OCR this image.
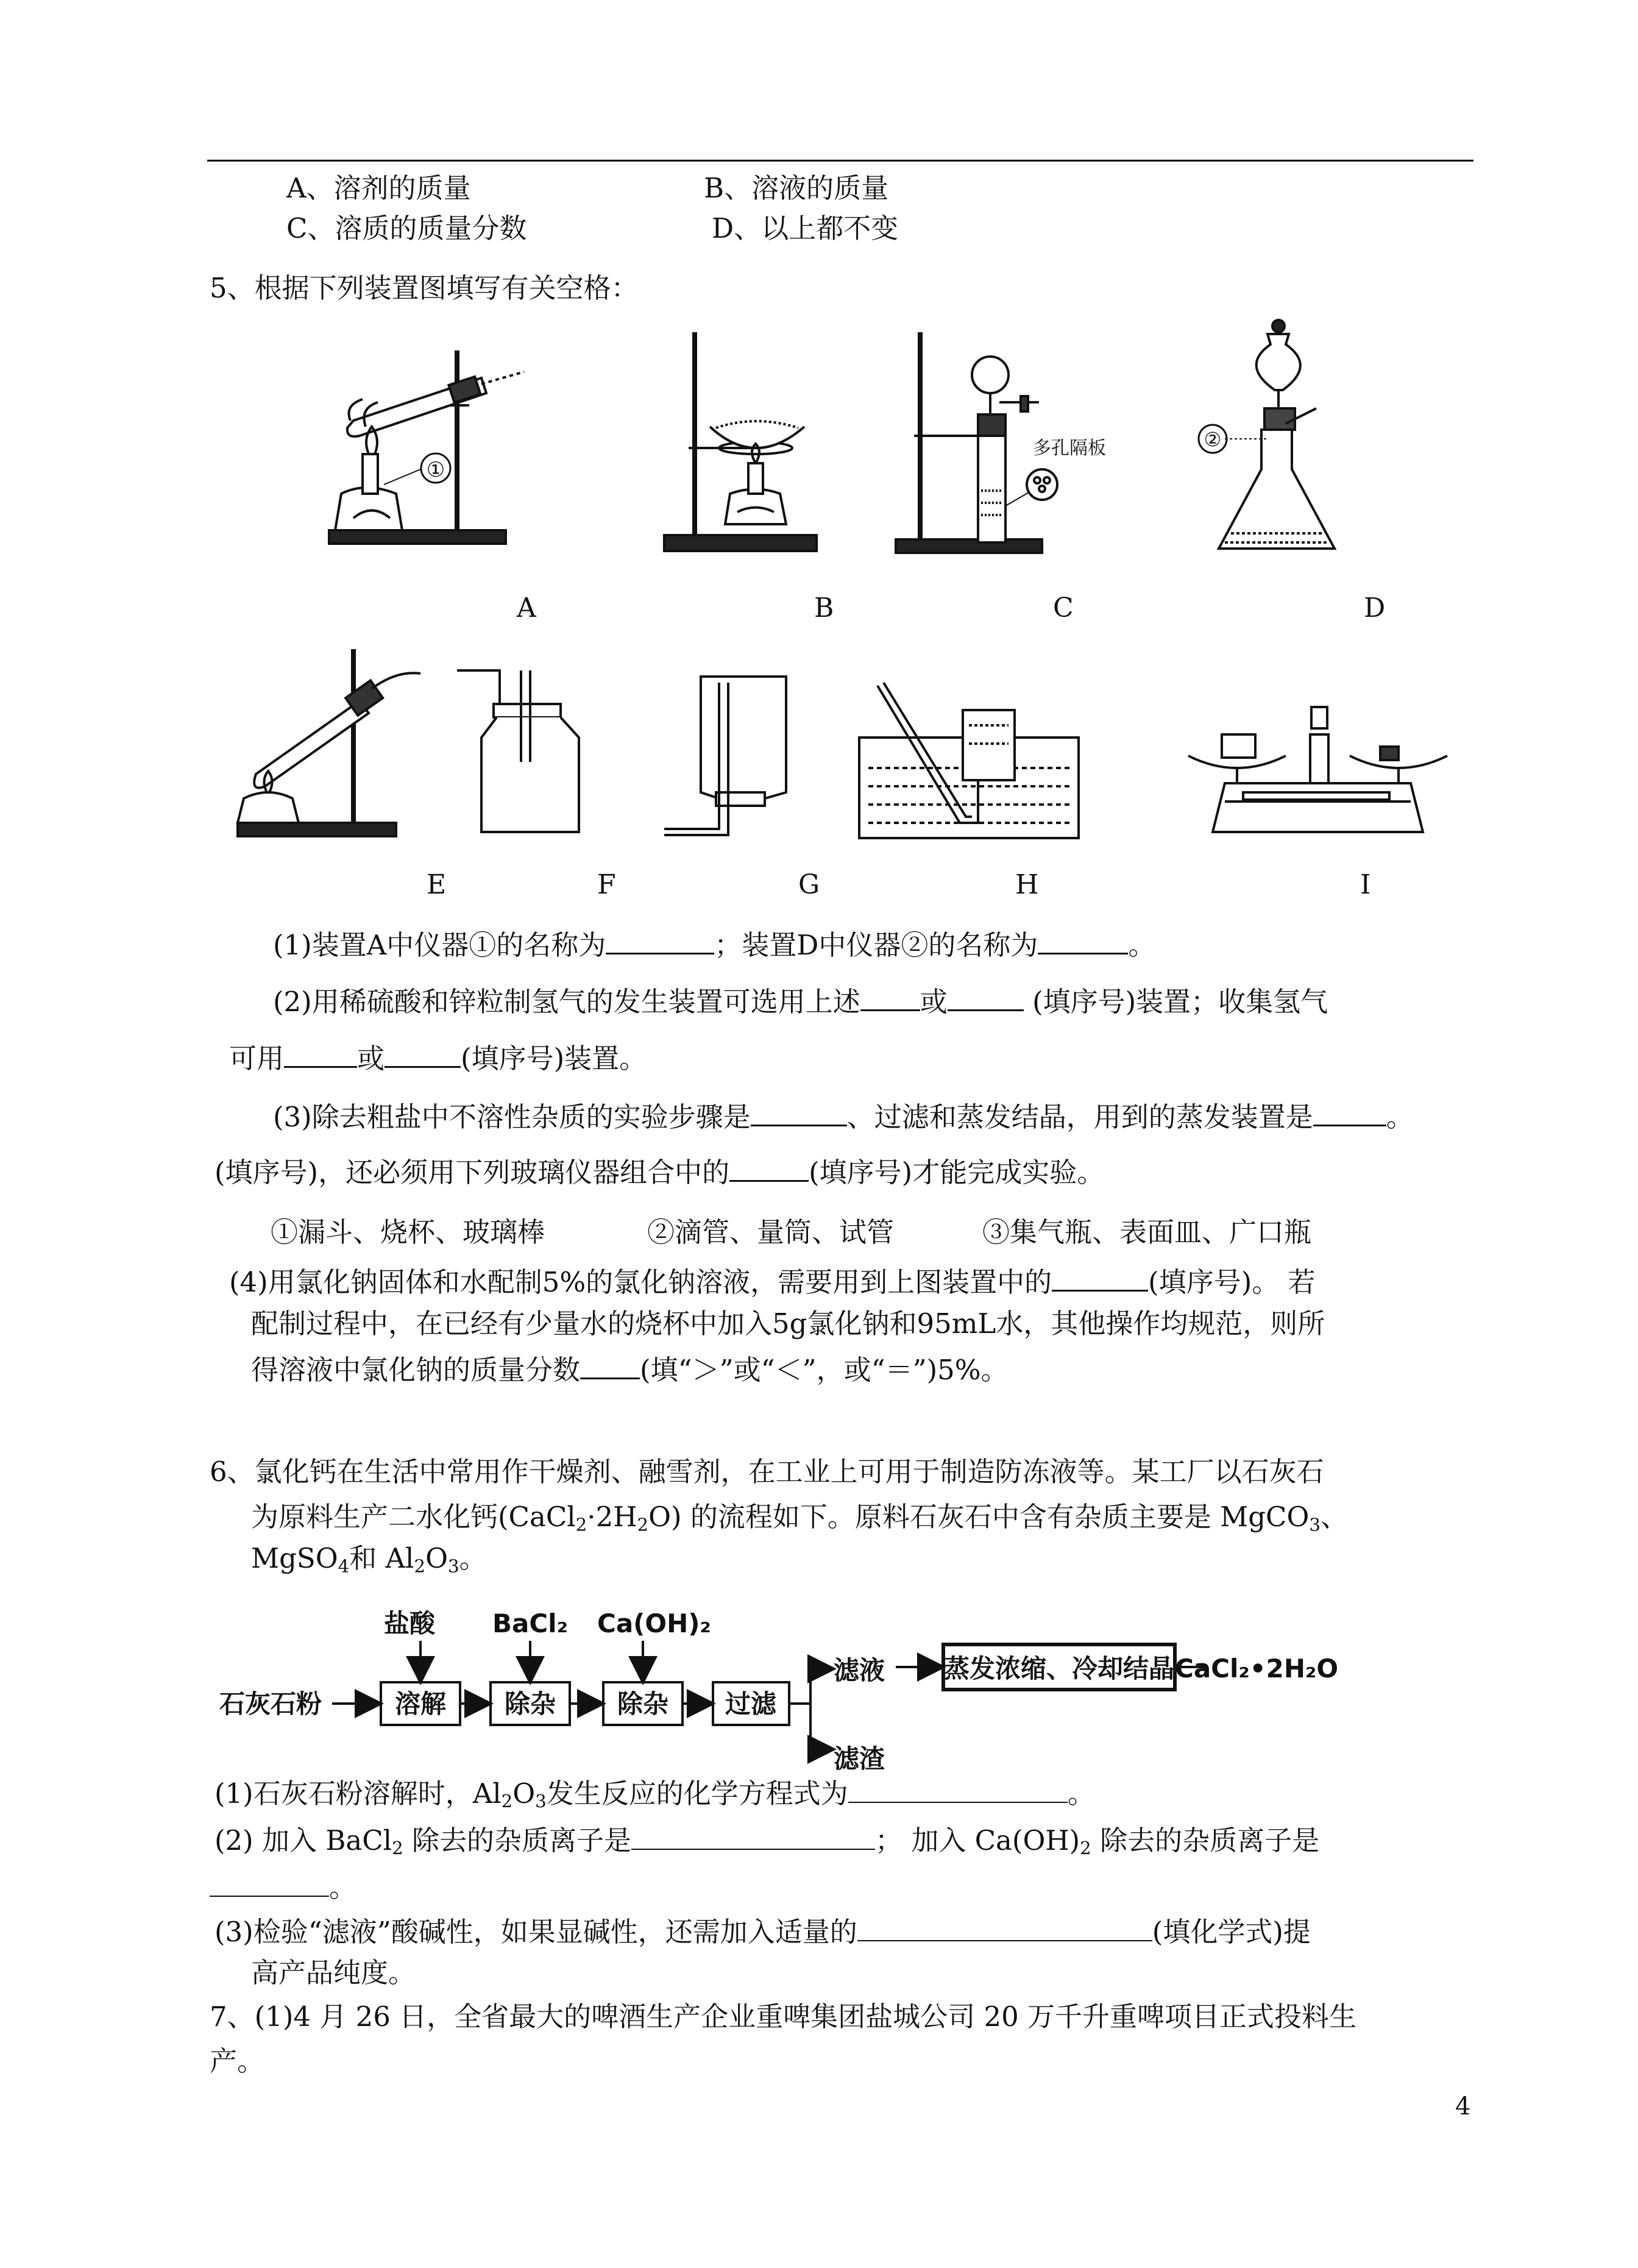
A、溶剂的质量	B、溶液的质量
C、溶质的质量分数	D、以上都不变
5、根据下列装置图填写有关空格：
①
A	B
多孔隔板
C
②
D
E	F	G	H	I
(1)装置A中仪器①的名称为	；装置D中仪器②的名称为	。
(2)用稀硫酸和锌粒制氢气的发生装置可选用上述 或	(填序号)装置；收集氢气
可用	或	(填序号)装置。
(3)除去粗盐中不溶性杂质的实验步骤是	、过滤和蒸发结晶，用到的蒸发装置是	。
(填序号)，还必须用下列玻璃仪器组合中的	(填序号)才能完成实验。
①漏斗、烧杯、玻璃棒	②滴管、量筒、试管	③集气瓶、表面皿、广口瓶
(4)用氯化钠固体和水配制5%的氯化钠溶液，需要用到上图装置中的	(填序号)。 若
配制过程中，在已经有少量水的烧杯中加入5g氯化钠和95mL水，其他操作均规范，则所
得溶液中氯化钠的质量分数 (填“＞”或“＜”，或“＝”)5%。
6、氯化钙在生活中常用作干燥剂、融雪剂，在工业上可用于制造防冻液等。某工厂以石灰石
为原料生产二水化钙$(CaCl_2\cdot 2H_2O)$ 的流程如下。原料石灰石中含有杂质主要是 MgCO$_3$、
MgSO$_4$和 $Al_2O_3$。
石灰石粉
盐酸 BaCl₂ Ca(OH)₂
滤液
滤渣
CaCl₂•2H₂O
溶解 除杂 除杂 过滤
蒸发浓缩、冷却结晶
(1)石灰石粉溶解时，$Al_2O_3$发生反应的化学方程式为	。
(2) 加入 BaCl$_2$ 除去的杂质离子是	； 加入 $Ca(OH)_2$ 除去的杂质离子是
。
(3)检验“滤液”酸碱性，如果显碱性，还需加入适量的	(填化学式)提
高产品纯度。
7、(1)4 月 26 日，全省最大的啤酒生产企业重啤集团盐城公司 20 万千升重啤项目正式投料生
产。
4
